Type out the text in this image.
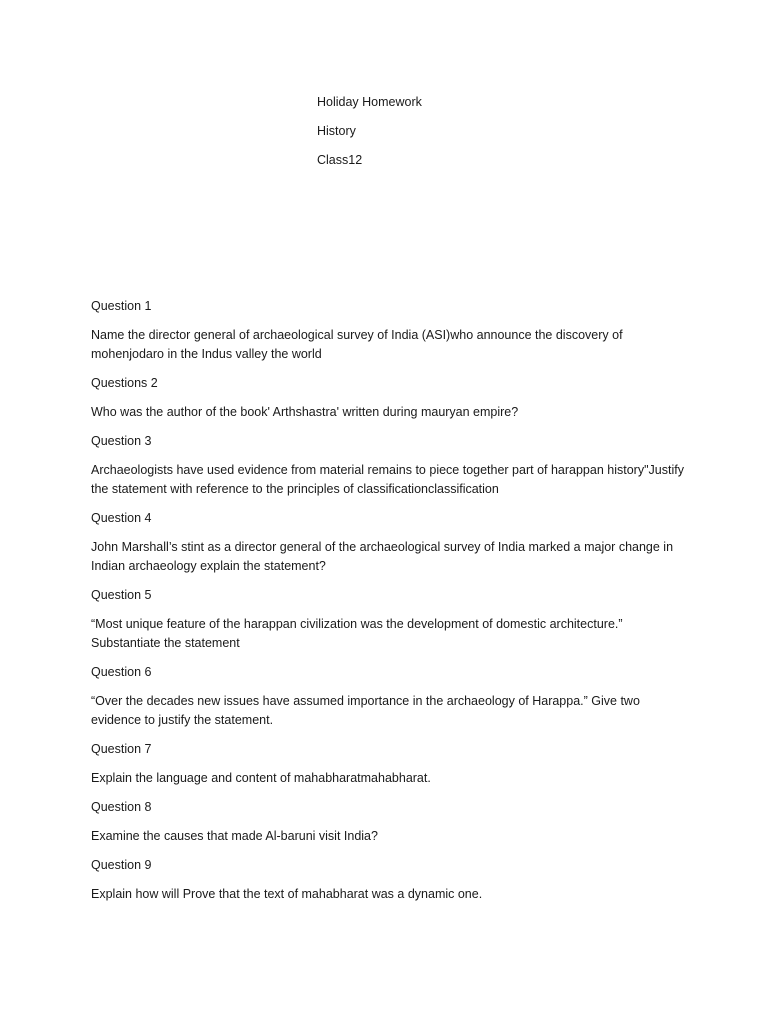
Holiday Homework

History

Class12

Question 1

Name the director general of archaeological survey of India (ASI)who announce the discovery of mohenjodaro in the Indus valley the world

Questions 2

Who was the author of the book' Arthshastra' written during mauryan empire?

Question 3

Archaeologists have used evidence from material remains to piece together part of harappan history"Justify the statement with reference to the principles of classificationclassification

Question 4

John Marshall’s stint as a director general of the archaeological survey of India marked a major change in Indian archaeology explain the statement?

Question 5

“Most unique feature of the harappan civilization was the development of domestic architecture.” Substantiate the statement

Question 6

“Over the decades new issues have assumed importance in the archaeology of Harappa.” Give two evidence to justify the statement.

Question 7

Explain the language and content of mahabharatmahabharat.

Question 8

Examine the causes that made Al-baruni visit India?

Question 9

Explain how will Prove that the text of mahabharat was a dynamic one.
